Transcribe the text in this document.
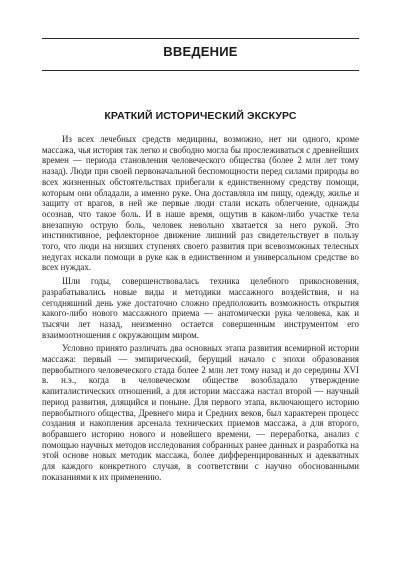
ВВЕДЕНИЕ
КРАТКИЙ ИСТОРИЧЕСКИЙ ЭКСКУРС

Из всех лечебных средств медицины, возможно, нет ни одного, кроме массажа, чья история так легко и свободно могла бы прослеживаться с древнейших времен — периода становления человеческого общества (более 2 млн лет тому назад). Люди при своей первоначальной беспомощности перед силами природы во всех жизненных обстоятельствах прибегали к единственному средству помощи, которым они обладали, а именно руке. Она доставляла им пищу, одежду, жилье и защиту от врагов, в ней же первые люди стали искать облегчение, однажды осознав, что такое боль. И в наше время, ощутив в каком-либо участке тела внезапную острую боль, человек невольно хватается за него рукой. Это инстинктивное, рефлекторное движение лишний раз свидетельствует в пользу того, что люди на низших ступенях своего развития при всевозможных телесных недугах искали помощи в руке как в единственном и универсальном средстве во всех нуждах.

Шли годы, совершенствовалась техника целебного прикосновения, разрабатывались новые виды и методики массажного воздействия, и на сегодняшний день уже достаточно сложно предположить возможность открытия какого-либо нового массажного приема — анатомически рука человека, как и тысячи лет назад, неизменно остается совершенным инструментом его взаимоотношения с окружающим миром.

Условно принято различать два основных этапа развития всемирной истории массажа: первый — эмпирический, берущий начало с эпохи образования первобытного человеческого стада более 2 млн лет тому назад и до середины XVI в. н.э., когда в человеческом обществе возобладало утверждение капиталистических отношений, а для истории массажа настал второй — научный период развития, длящийся и поныне. Для первого этапа, включающего историю первобытного общества, Древнего мира и Средних веков, был характерен процесс создания и накопления арсенала технических приемов массажа, а для второго, вобравшего историю нового и новейшего времени, — переработка, анализ с помощью научных методов исследования собранных ранее данных и разработка на этой основе новых методик массажа, более дифференцированных и адекватных для каждого конкретного случая, в соответствии с научно обоснованными показаниями к их применению.
